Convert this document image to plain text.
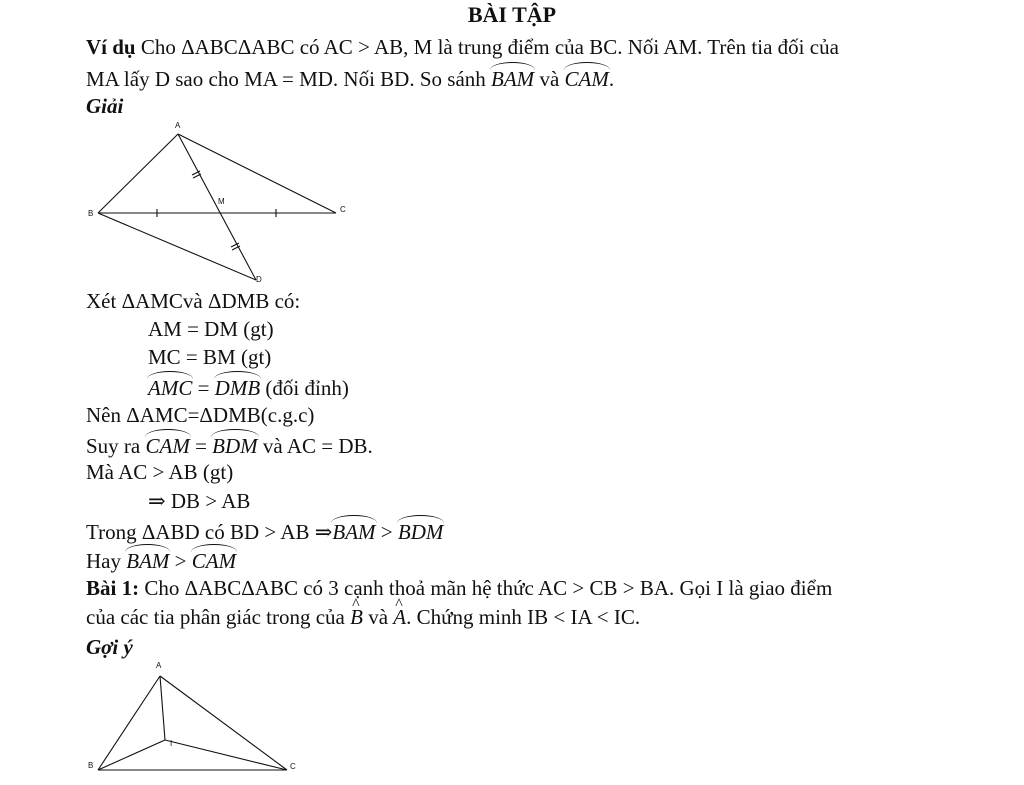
BÀI TẬP
Ví dụ Cho ΔABCΔABC có AC > AB, M là trung điểm của BC. Nối AM. Trên tia đối của
MA lấy D sao cho MA = MD. Nối BD. So sánh BAM và CAM.
Giải
A
B	C
M
D
Xét ΔAMCvà ΔDMB có:
AM = DM (gt)
MC = BM (gt)
AMC = DMB (đối đỉnh)
Nên ΔAMC=ΔDMB(c.g.c)
Suy ra CAM = BDM và AC = DB.
Mà AC > AB (gt)
⇒ DB > AB
Trong ΔABD có BD > AB ⇒BAM > BDM
Hay BAM > CAM
Bài 1: Cho ΔABCΔABC có 3 cạnh thoả mãn hệ thức AC > CB > BA. Gọi I là giao điểm
của các tia phân giác trong của ^ B và ^ A. Chứng minh IB < IA < IC.
Gợi ý
A
B	C
I
